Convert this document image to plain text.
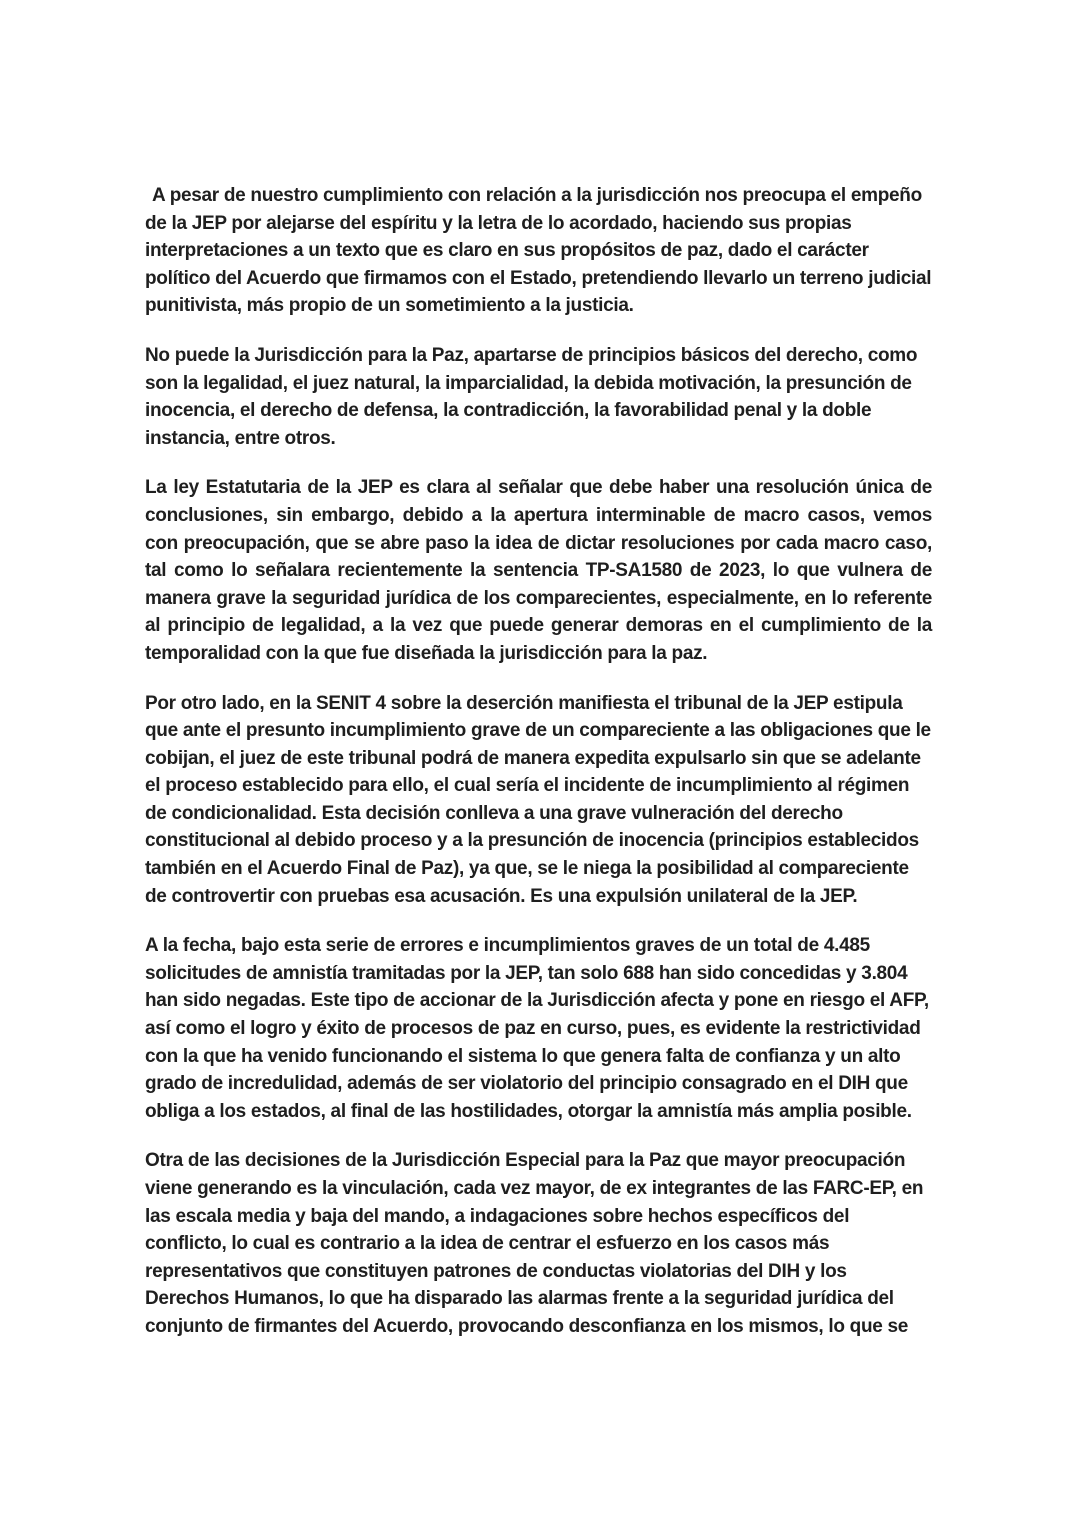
A pesar de nuestro cumplimiento con relación a la jurisdicción nos preocupa el empeño de la JEP por alejarse del espíritu y la letra de lo acordado, haciendo sus propias interpretaciones a un texto que es claro en sus propósitos de paz, dado el carácter político del Acuerdo que firmamos con el Estado, pretendiendo llevarlo un terreno judicial punitivista, más propio de un sometimiento a la justicia.

No puede la Jurisdicción para la Paz, apartarse de principios básicos del derecho, como son la legalidad, el juez natural, la imparcialidad, la debida motivación, la presunción de inocencia, el derecho de defensa, la contradicción, la favorabilidad penal y la doble instancia, entre otros.

La ley Estatutaria de la JEP es clara al señalar que debe haber una resolución única de conclusiones, sin embargo, debido a la apertura interminable de macro casos, vemos con preocupación, que se abre paso la idea de dictar resoluciones por cada macro caso, tal como lo señalara recientemente la sentencia TP-SA1580 de 2023, lo que vulnera de manera grave la seguridad jurídica de los comparecientes, especialmente, en lo referente al principio de legalidad, a la vez que puede generar demoras en el cumplimiento de la temporalidad con la que fue diseñada la jurisdicción para la paz.

Por otro lado, en la SENIT 4 sobre la deserción manifiesta el tribunal de la JEP estipula que ante el presunto incumplimiento grave de un compareciente a las obligaciones que le cobijan, el juez de este tribunal podrá de manera expedita expulsarlo sin que se adelante el proceso establecido para ello, el cual sería el incidente de incumplimiento al régimen de condicionalidad. Esta decisión conlleva a una grave vulneración del derecho constitucional al debido proceso y a la presunción de inocencia (principios establecidos también en el Acuerdo Final de Paz), ya que, se le niega la posibilidad al compareciente de controvertir con pruebas esa acusación. Es una expulsión unilateral de la JEP.

A la fecha, bajo esta serie de errores e incumplimientos graves de un total de 4.485 solicitudes de amnistía tramitadas por la JEP, tan solo 688 han sido concedidas y 3.804 han sido negadas. Este tipo de accionar de la Jurisdicción afecta y pone en riesgo el AFP, así como el logro y éxito de procesos de paz en curso, pues, es evidente la restrictividad con la que ha venido funcionando el sistema lo que genera falta de confianza y un alto grado de incredulidad, además de ser violatorio del principio consagrado en el DIH que obliga a los estados, al final de las hostilidades, otorgar la amnistía más amplia posible.

Otra de las decisiones de la Jurisdicción Especial para la Paz que mayor preocupación viene generando es la vinculación, cada vez mayor, de ex integrantes de las FARC-EP, en las escala media y baja del mando, a indagaciones sobre hechos específicos del conflicto, lo cual es contrario a la idea de centrar el esfuerzo en los casos más representativos que constituyen patrones de conductas violatorias del DIH y los Derechos Humanos, lo que ha disparado las alarmas frente a la seguridad jurídica del conjunto de firmantes del Acuerdo, provocando desconfianza en los mismos, lo que se
